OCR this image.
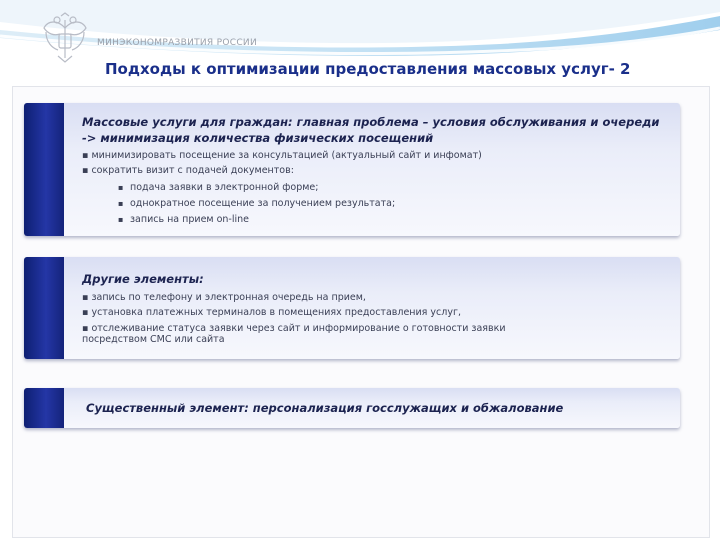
МИНЭКОНОМРАЗВИТИЯ РОССИИ
Подходы к оптимизации предоставления массовых услуг- 2
Массовые услуги для граждан: главная проблема – условия обслуживания и очереди -> минимизация количества физических посещений
▪ минимизировать посещение за консультацией (актуальный сайт и инфомат)
▪ сократить визит с подачей документов:
▪ подача заявки в электронной форме;
▪ однократное посещение за получением результата;
▪ запись на прием on-line
Другие элементы:
▪ запись по телефону и электронная очередь на прием,
▪ установка платежных терминалов в помещениях предоставления услуг,
▪ отслеживание статуса заявки через сайт и информирование о готовности заявки посредством СМС или сайта
Существенный элемент: персонализация госслужащих и обжалование
